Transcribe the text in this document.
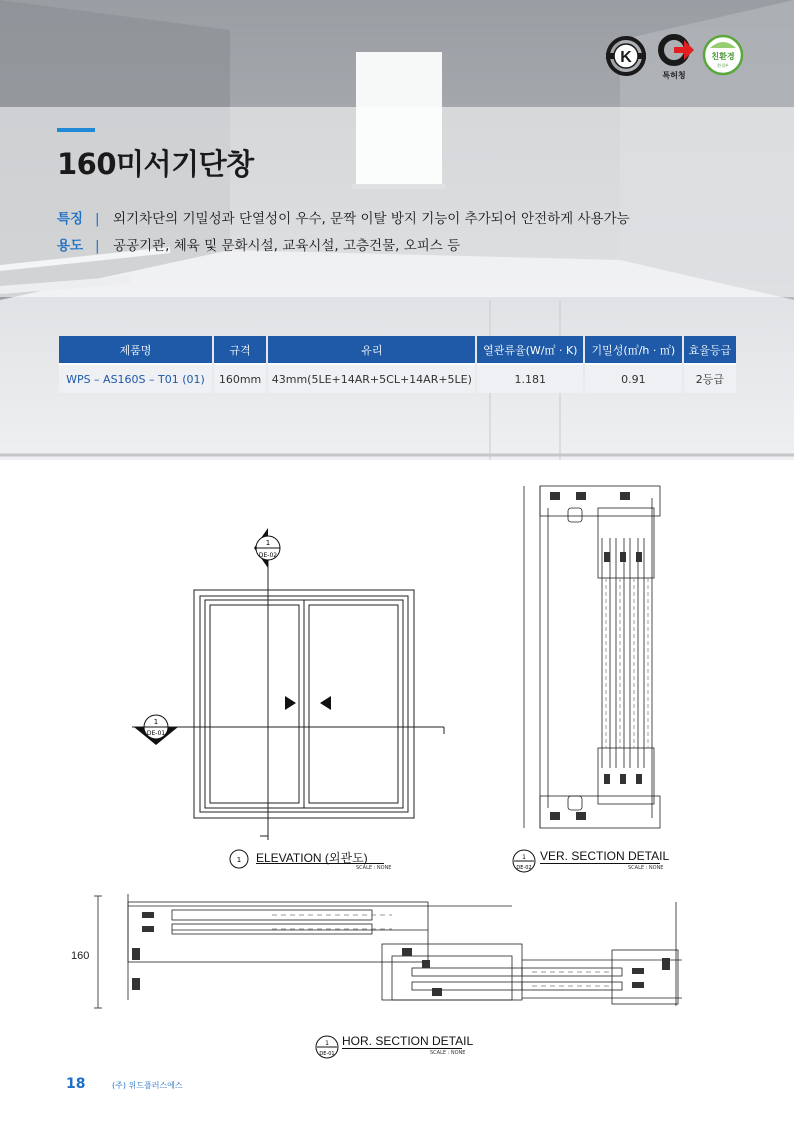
K
특허청
친환경
환경부
160미서기단창
특징 | 외기차단의 기밀성과 단열성이 우수, 문짝 이탈 방지 기능이 추가되어 안전하게 사용가능
용도 | 공공기관, 체육 및 문화시설, 교육시설, 고층건물, 오피스 등
제품명	규격	유리	열관류율(W/㎡ · K)	기밀성(㎥/h · ㎡)	효율등급
WPS – AS160S – T01 (01)	160mm	43mm(5LE+14AR+5CL+14AR+5LE)	1.181	0.91	2등급
1
DE-02
1
DE-01
1 ELEVATION (외관도)
SCALE : NONE
1
DE-02
VER. SECTION DETAIL
SCALE : NONE
160
1
DE-01
HOR. SECTION DETAIL
SCALE : NONE
18	(주) 위드플러스에스
